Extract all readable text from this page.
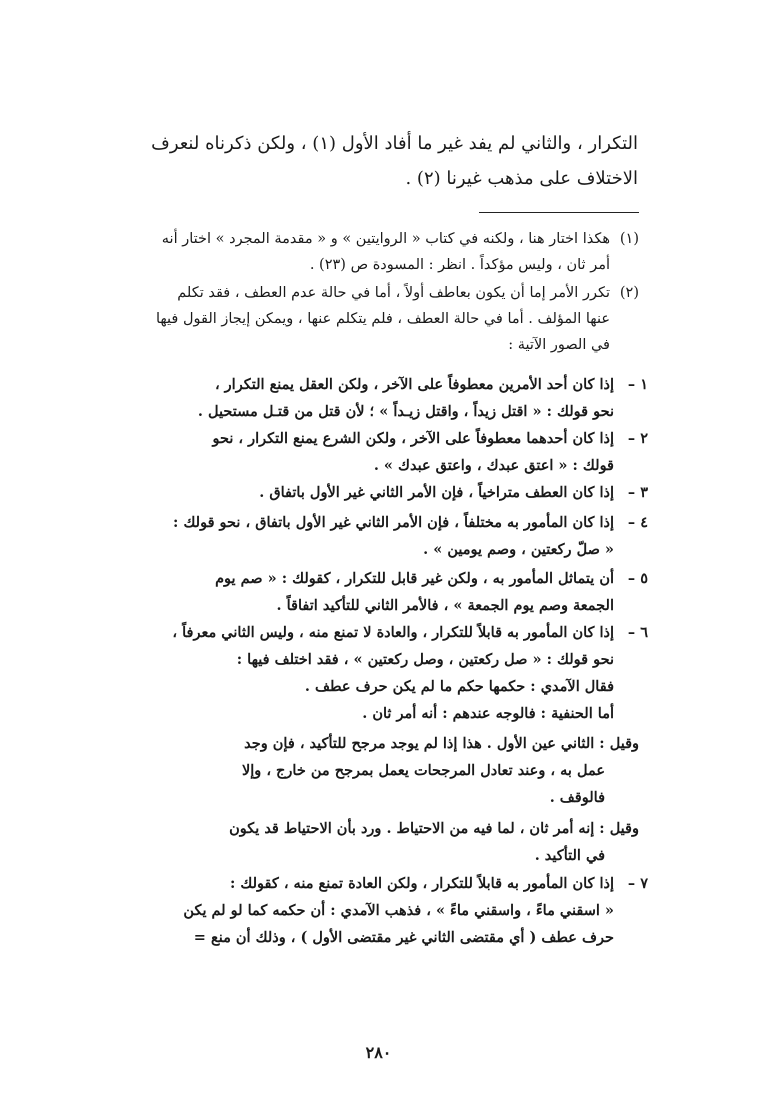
التكرار ، والثاني لم يفد غير ما أفاد الأول (١) ، ولكن ذكرناه لنعرف

الاختلاف على مذهب غيرنا (٢) .

(١)
هكذا اختار هنا ، ولكنه في كتاب « الروايتين » و « مقدمة المجرد » اختار أنه
أمر ثان ، وليس مؤكداً . انظر : المسودة ص (٢٣) .
(٢)
تكرر الأمر إما أن يكون بعاطف أولاً ، أما في حالة عدم العطف ، فقد تكلم
عنها المؤلف . أما في حالة العطف ، فلم يتكلم عنها ، ويمكن إيجاز القول فيها
في الصور الآتية :
١ –إذا كان أحد الأمرين معطوفاً على الآخر ، ولكن العقل يمنع التكرار ،
نحو قولك : « اقتل زيداً ، واقتل زيـداً » ؛ لأن قتل من قتـل مستحيل .
٢ –إذا كان أحدهما معطوفاً على الآخر ، ولكن الشرع يمنع التكرار ، نحو
قولك : « اعتق عبدك ، واعتق عبدك » .
٣ –إذا كان العطف متراخياً ، فإن الأمر الثاني غير الأول باتفاق .
٤ –إذا كان المأمور به مختلفاً ، فإن الأمر الثاني غير الأول باتفاق ، نحو قولك :
« صلّ ركعتين ، وصم يومين » .
٥ –أن يتماثل المأمور به ، ولكن غير قابل للتكرار ، كقولك : « صم يوم
الجمعة وصم يوم الجمعة » ، فالأمر الثاني للتأكيد اتفاقاً .
٦ –إذا كان المأمور به قابلاً للتكرار ، والعادة لا تمنع منه ، وليس الثاني معرفاً ،
نحو قولك : « صل ركعتين ، وصل ركعتين » ، فقد اختلف فيها :
فقال الآمدي : حكمها حكم ما لم يكن حرف عطف .
أما الحنفية : فالوجه عندهم : أنه أمر ثان .
وقيل : الثاني عين الأول . هذا إذا لم يوجد مرجح للتأكيد ، فإن وجد
عمل به ، وعند تعادل المرجحات يعمل بمرجح من خارج ، وإلا
فالوقف .
وقيل : إنه أمر ثان ، لما فيه من الاحتياط . ورد بأن الاحتياط قد يكون
في التأكيد .
٧ –إذا كان المأمور به قابلاً للتكرار ، ولكن العادة تمنع منه ، كقولك :
« اسقني ماءً ، واسقني ماءً » ، فذهب الآمدي : أن حكمه كما لو لم يكن
حرف عطف ( أي مقتضى الثاني غير مقتضى الأول ) ، وذلك أن منع =
٢٨٠
